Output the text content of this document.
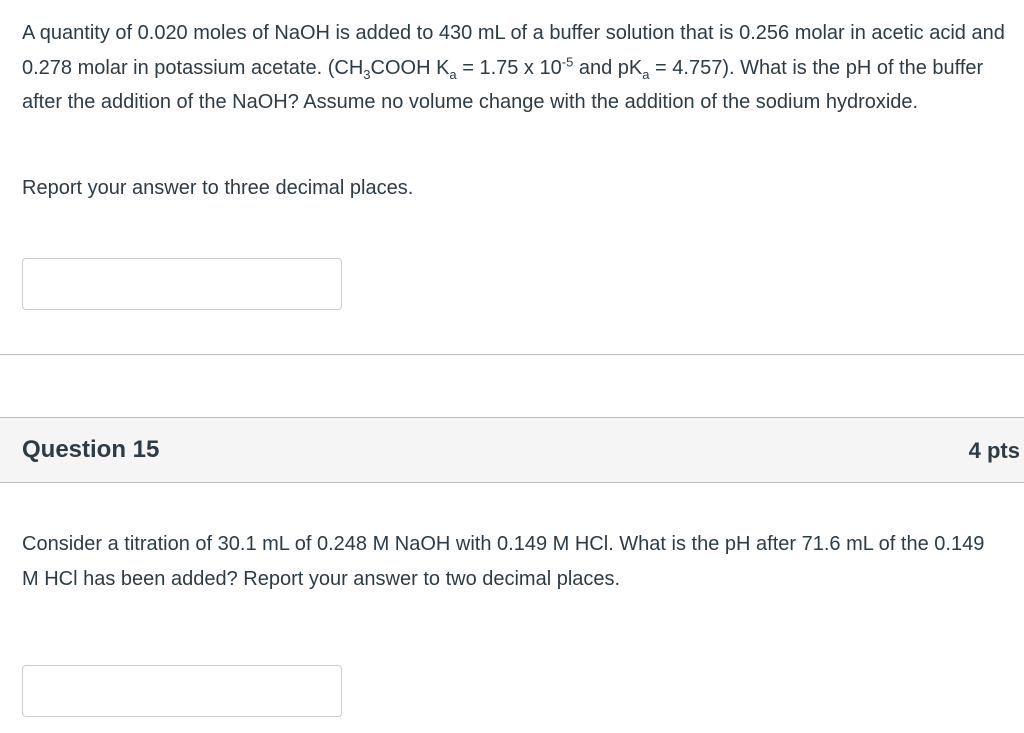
A quantity of 0.020 moles of NaOH is added to 430 mL of a buffer solution that is 0.256 molar in acetic acid and 0.278 molar in potassium acetate. ($CH_3COOH$ $K_a = 1.75$ x $10^{-5}$ and $pK_a = 4.757$). What is the pH of the buffer after the addition of the NaOH? Assume no volume change with the addition of the sodium hydroxide.

Report your answer to three decimal places.

Question 15	4 pts

Consider a titration of 30.1 mL of 0.248 M NaOH with 0.149 M HCl. What is the pH after 71.6 mL of the 0.149 M HCl has been added? Report your answer to two decimal places.
